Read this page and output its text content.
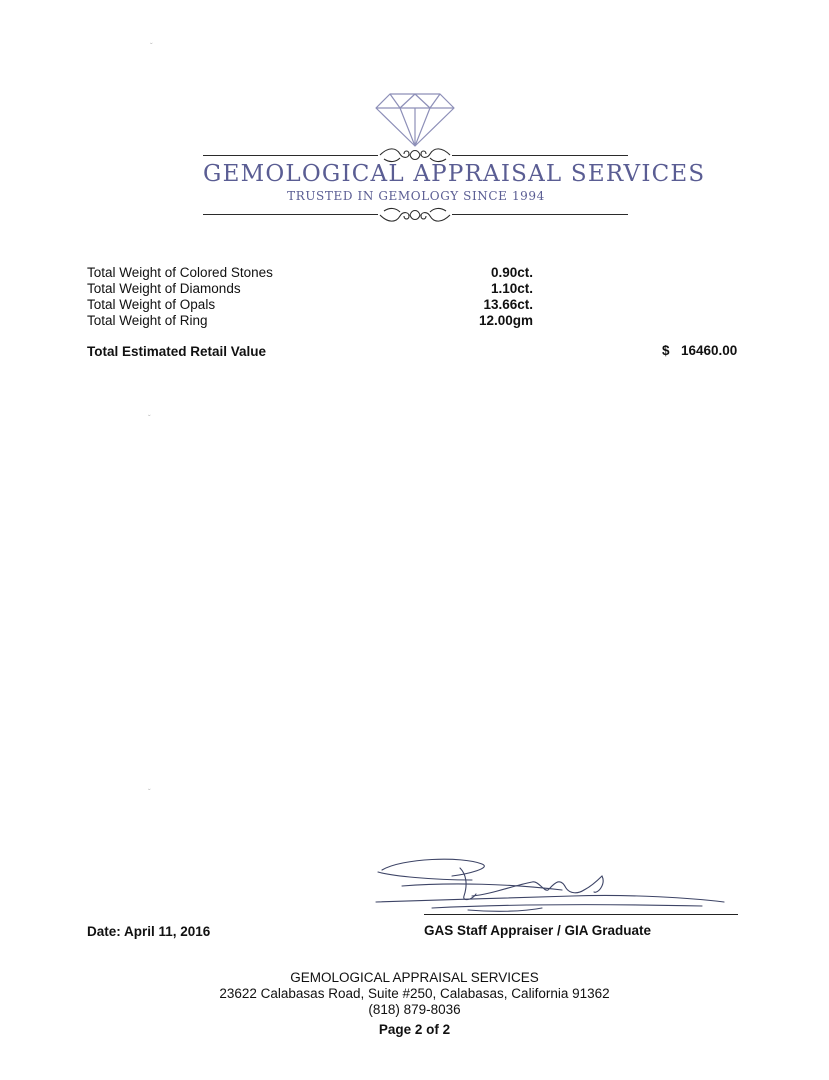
GEMOLOGICAL APPRAISAL SERVICES
TRUSTED IN GEMOLOGY SINCE 1994
Total Weight of Colored Stones	0.90ct.
Total Weight of Diamonds	1.10ct.
Total Weight of Opals	13.66ct.
Total Weight of Ring	12.00gm
Total Estimated Retail Value	$ 16460.00
Date: April 11, 2016	GAS Staff Appraiser / GIA Graduate
GEMOLOGICAL APPRAISAL SERVICES
23622 Calabasas Road, Suite #250, Calabasas, California 91362
(818) 879-8036
Page 2 of 2
ˇ
ˇ
ˇ
